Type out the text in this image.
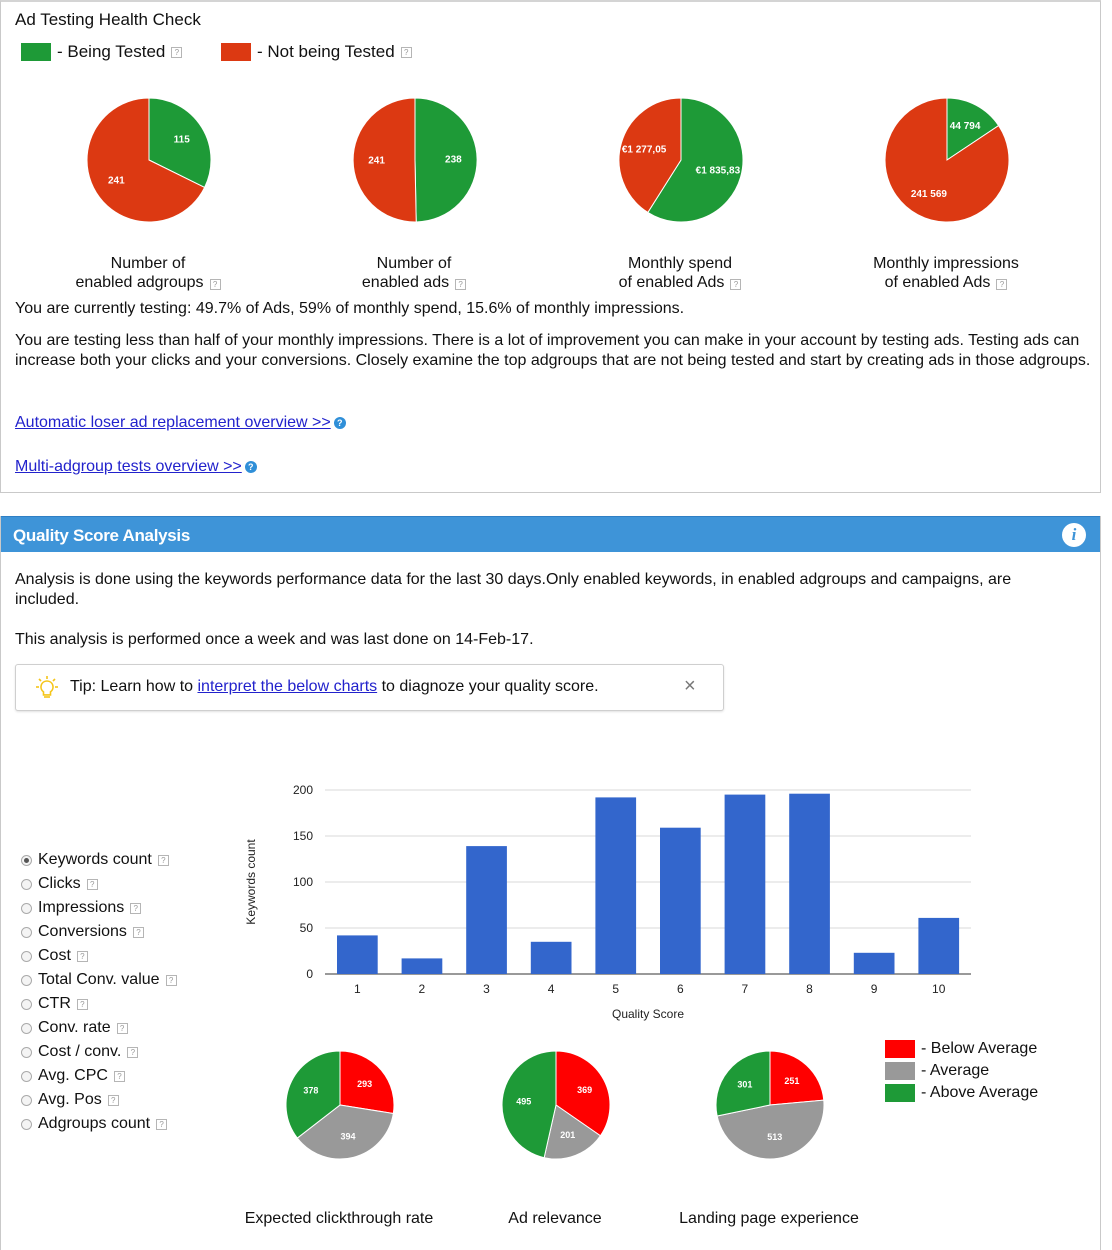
Ad Testing Health Check
- Being Tested	?	- Not being Tested	?
115
241
238
241
€1 835,83
€1 277,05
44 794
241 569
Number of
enabled adgroups ?
Number of
enabled ads ?
Monthly spend
of enabled Ads ?
Monthly impressions
of enabled Ads ?
You are currently testing: 49.7% of Ads, 59% of monthly spend, 15.6% of monthly impressions.
You are testing less than half of your monthly impressions. There is a lot of improvement you can make in your account by testing ads. Testing ads can increase both your clicks and your conversions. Closely examine the top adgroups that are not being tested and start by creating ads in those adgroups.
Automatic loser ad replacement overview >> ?
Multi-adgroup tests overview >> ?
Quality Score Analysis	i
Analysis is done using the keywords performance data for the last 30 days.Only enabled keywords, in enabled adgroups and campaigns, are included.
This analysis is performed once a week and was last done on 14-Feb-17.
Tip: Learn how to interpret the below charts to diagnoze your quality score.	×
Keywords count	?
Clicks	?
Impressions	?
Conversions	?
Cost	?
Total Conv. value	?
CTR	?
Conv. rate	?
Cost / conv.	?
Avg. CPC	?
Avg. Pos	?
Adgroups count	?
0
50
100
150
200
1	2	3	4	5	6	7	8	9	10
Quality Score
Keywords count
293
394
378	369
201
495
251
513
301
Expected clickthrough rate	Ad relevance	Landing page experience
- Below Average
- Average
- Above Average
